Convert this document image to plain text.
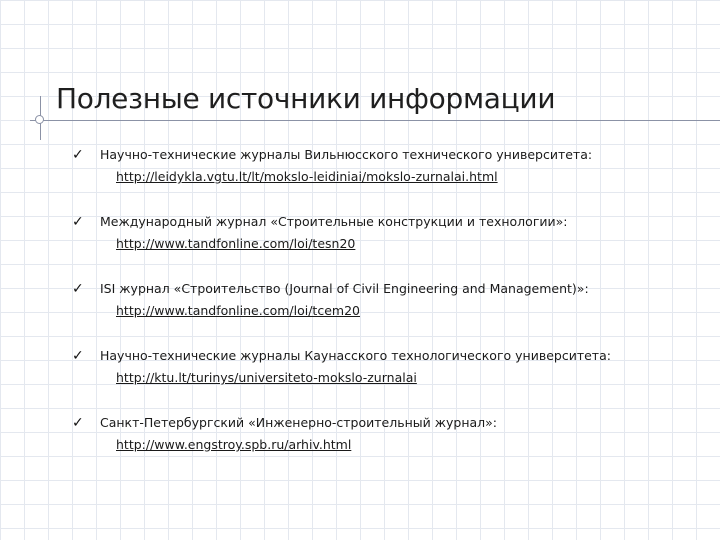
Полезные источники информации
✓ Научно-технические журналы Вильнюсского технического университета:
http://leidykla.vgtu.lt/lt/mokslo-leidiniai/mokslo-zurnalai.html
✓ Международный журнал «Строительные конструкции и технологии»:
http://www.tandfonline.com/loi/tesn20
✓ ISI журнал «Строительство (Journal of Civil Engineering and Management)»:
http://www.tandfonline.com/loi/tcem20
✓ Научно-технические журналы Каунасского технологического университета:
http://ktu.lt/turinys/universiteto-mokslo-zurnalai
✓ Санкт-Петербургский «Инженерно-строительный журнал»:
http://www.engstroy.spb.ru/arhiv.html
